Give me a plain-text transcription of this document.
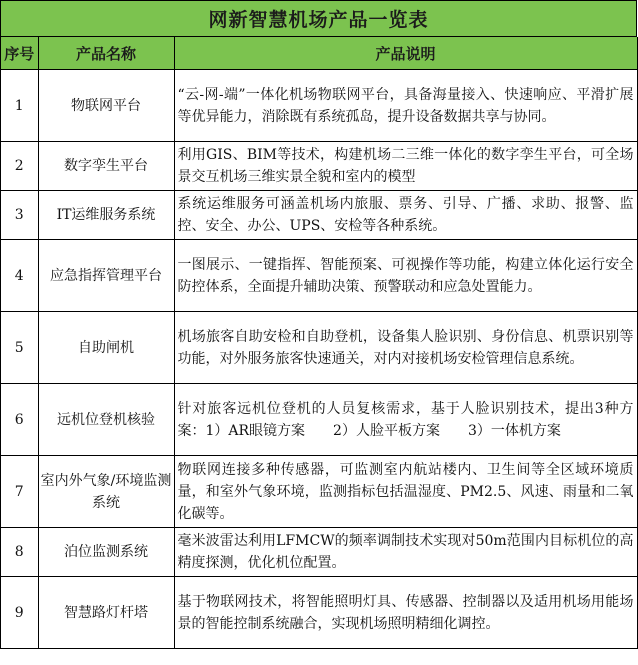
网新智慧机场产品一览表
序号	产品名称	产品说明
1	物联网平台	“云-网-端”一体化机场物联网平台，具备海量接入、快速响应、平滑扩展等优异能力，消除既有系统孤岛，提升设备数据共享与协同。
2	数字孪生平台	利用GIS、BIM等技术，构建机场二三维一体化的数字孪生平台，可全场景交互机场三维实景全貌和室内的模型
3	IT运维服务系统	系统运维服务可涵盖机场内旅服、票务、引导、广播、求助、报警、监控、安全、办公、UPS、安检等各种系统。
4	应急指挥管理平台	一图展示、一键指挥、智能预案、可视操作等功能，构建立体化运行安全防控体系，全面提升辅助决策、预警联动和应急处置能力。
5	自助闸机	机场旅客自助安检和自助登机，设备集人脸识别、身份信息、机票识别等功能，对外服务旅客快速通关，对内对接机场安检管理信息系统。
6	远机位登机核验	针对旅客远机位登机的人员复核需求，基于人脸识别技术，提出3种方案：1）AR眼镜方案　　2）人脸平板方案　　3）一体机方案
7	室内外气象/环境监测系统	物联网连接多种传感器，可监测室内航站楼内、卫生间等全区域环境质量，和室外气象环境，监测指标包括温湿度、PM2.5、风速、雨量和二氧化碳等。
8	泊位监测系统	毫米波雷达利用LFMCW的频率调制技术实现对50m范围内目标机位的高精度探测，优化机位配置。
9	智慧路灯杆塔	基于物联网技术，将智能照明灯具、传感器、控制器以及适用机场用能场景的智能控制系统融合，实现机场照明精细化调控。
